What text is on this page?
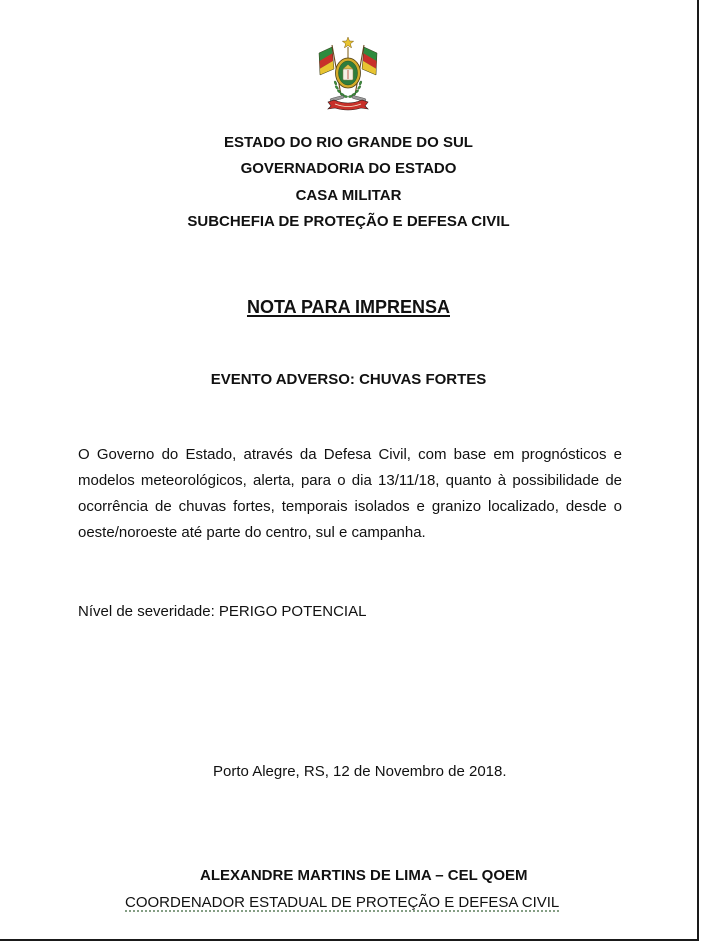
ESTADO DO RIO GRANDE DO SUL
GOVERNADORIA DO ESTADO
CASA MILITAR
SUBCHEFIA DE PROTEÇÃO E DEFESA CIVIL
NOTA PARA IMPRENSA
EVENTO ADVERSO: CHUVAS FORTES

O Governo do Estado, através da Defesa Civil, com base em prognósticos e modelos meteorológicos, alerta, para o dia 13/11/18, quanto à possibilidade de ocorrência de chuvas fortes, temporais isolados e granizo localizado, desde o oeste/noroeste até parte do centro, sul e campanha.

Nível de severidade: PERIGO POTENCIAL
Porto Alegre, RS, 12 de Novembro de 2018.
ALEXANDRE MARTINS DE LIMA – CEL QOEM
COORDENADOR ESTADUAL DE PROTEÇÃO E DEFESA CIVIL
